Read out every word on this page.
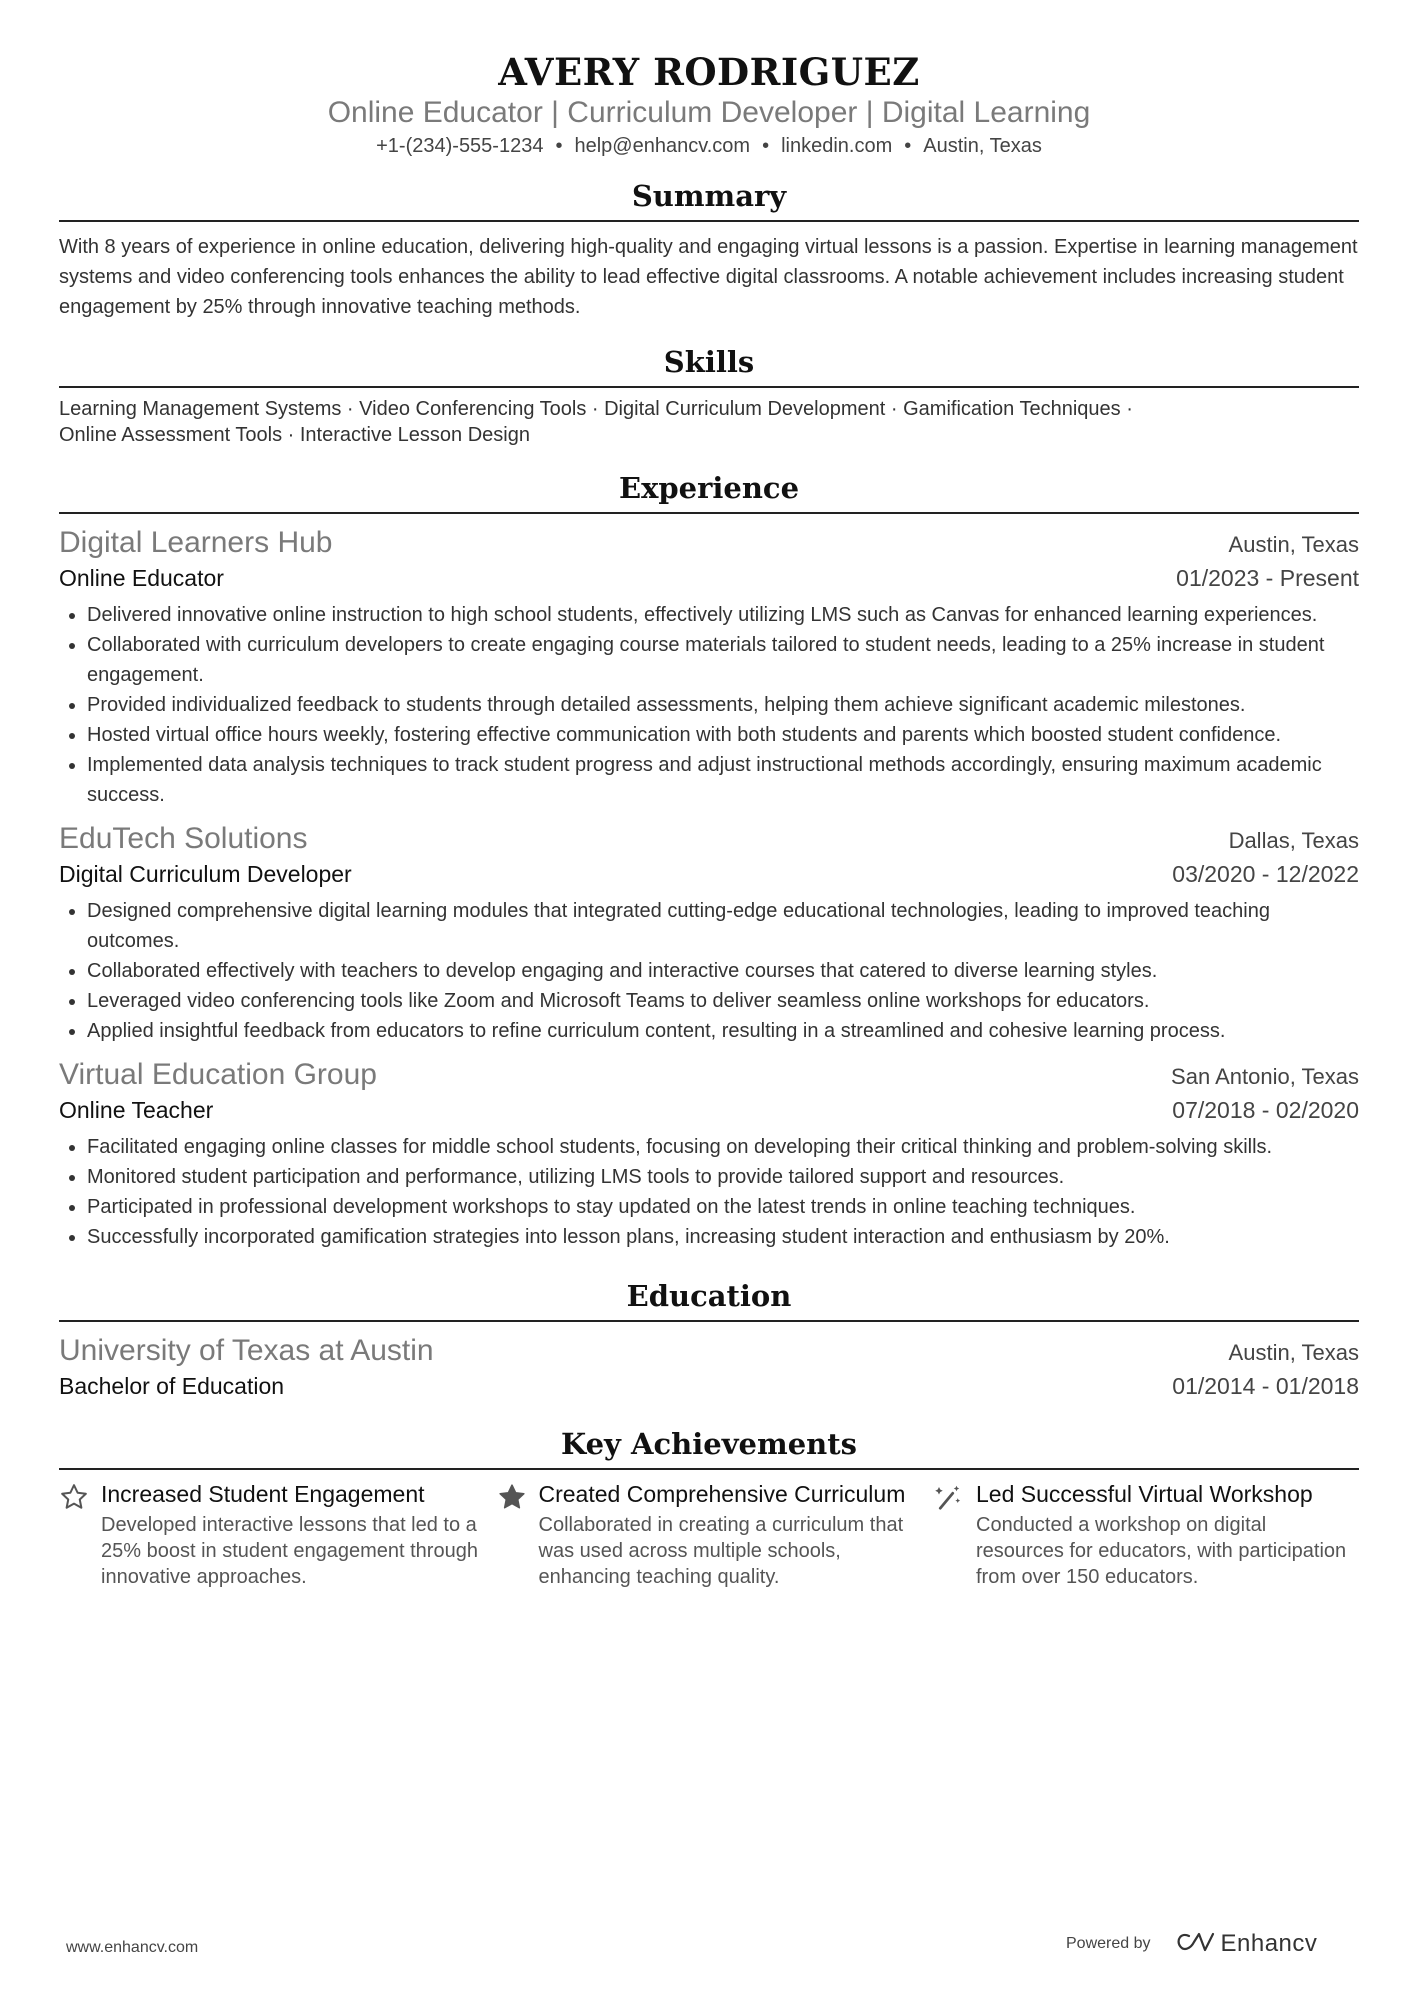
AVERY RODRIGUEZ
Online Educator | Curriculum Developer | Digital Learning
+1-(234)-555-1234 • help@enhancv.com • linkedin.com • Austin, Texas
Summary
With 8 years of experience in online education, delivering high-quality and engaging virtual lessons is a passion. Expertise in learning management systems and video conferencing tools enhances the ability to lead effective digital classrooms. A notable achievement includes increasing student engagement by 25% through innovative teaching methods.
Skills
Learning Management Systems · Video Conferencing Tools · Digital Curriculum Development · Gamification Techniques ·
Online Assessment Tools · Interactive Lesson Design
Experience
Digital Learners Hub	Austin, Texas
Online Educator	01/2023 - Present
• Delivered innovative online instruction to high school students, effectively utilizing LMS such as Canvas for enhanced learning experiences.
• Collaborated with curriculum developers to create engaging course materials tailored to student needs, leading to a 25% increase in student engagement.
• Provided individualized feedback to students through detailed assessments, helping them achieve significant academic milestones.
• Hosted virtual office hours weekly, fostering effective communication with both students and parents which boosted student confidence.
• Implemented data analysis techniques to track student progress and adjust instructional methods accordingly, ensuring maximum academic success.
EduTech Solutions	Dallas, Texas
Digital Curriculum Developer	03/2020 - 12/2022
• Designed comprehensive digital learning modules that integrated cutting-edge educational technologies, leading to improved teaching outcomes.
• Collaborated effectively with teachers to develop engaging and interactive courses that catered to diverse learning styles.
• Leveraged video conferencing tools like Zoom and Microsoft Teams to deliver seamless online workshops for educators.
• Applied insightful feedback from educators to refine curriculum content, resulting in a streamlined and cohesive learning process.
Virtual Education Group	San Antonio, Texas
Online Teacher	07/2018 - 02/2020
• Facilitated engaging online classes for middle school students, focusing on developing their critical thinking and problem-solving skills.
• Monitored student participation and performance, utilizing LMS tools to provide tailored support and resources.
• Participated in professional development workshops to stay updated on the latest trends in online teaching techniques.
• Successfully incorporated gamification strategies into lesson plans, increasing student interaction and enthusiasm by 20%.
Education
University of Texas at Austin	Austin, Texas
Bachelor of Education	01/2014 - 01/2018
Key Achievements
Increased Student Engagement
Developed interactive lessons that led to a 25% boost in student engagement through innovative approaches.
Created Comprehensive Curriculum
Collaborated in creating a curriculum that was used across multiple schools, enhancing teaching quality.
Led Successful Virtual Workshop
Conducted a workshop on digital resources for educators, with participation from over 150 educators.
www.enhancv.com	Powered by	Enhancv
